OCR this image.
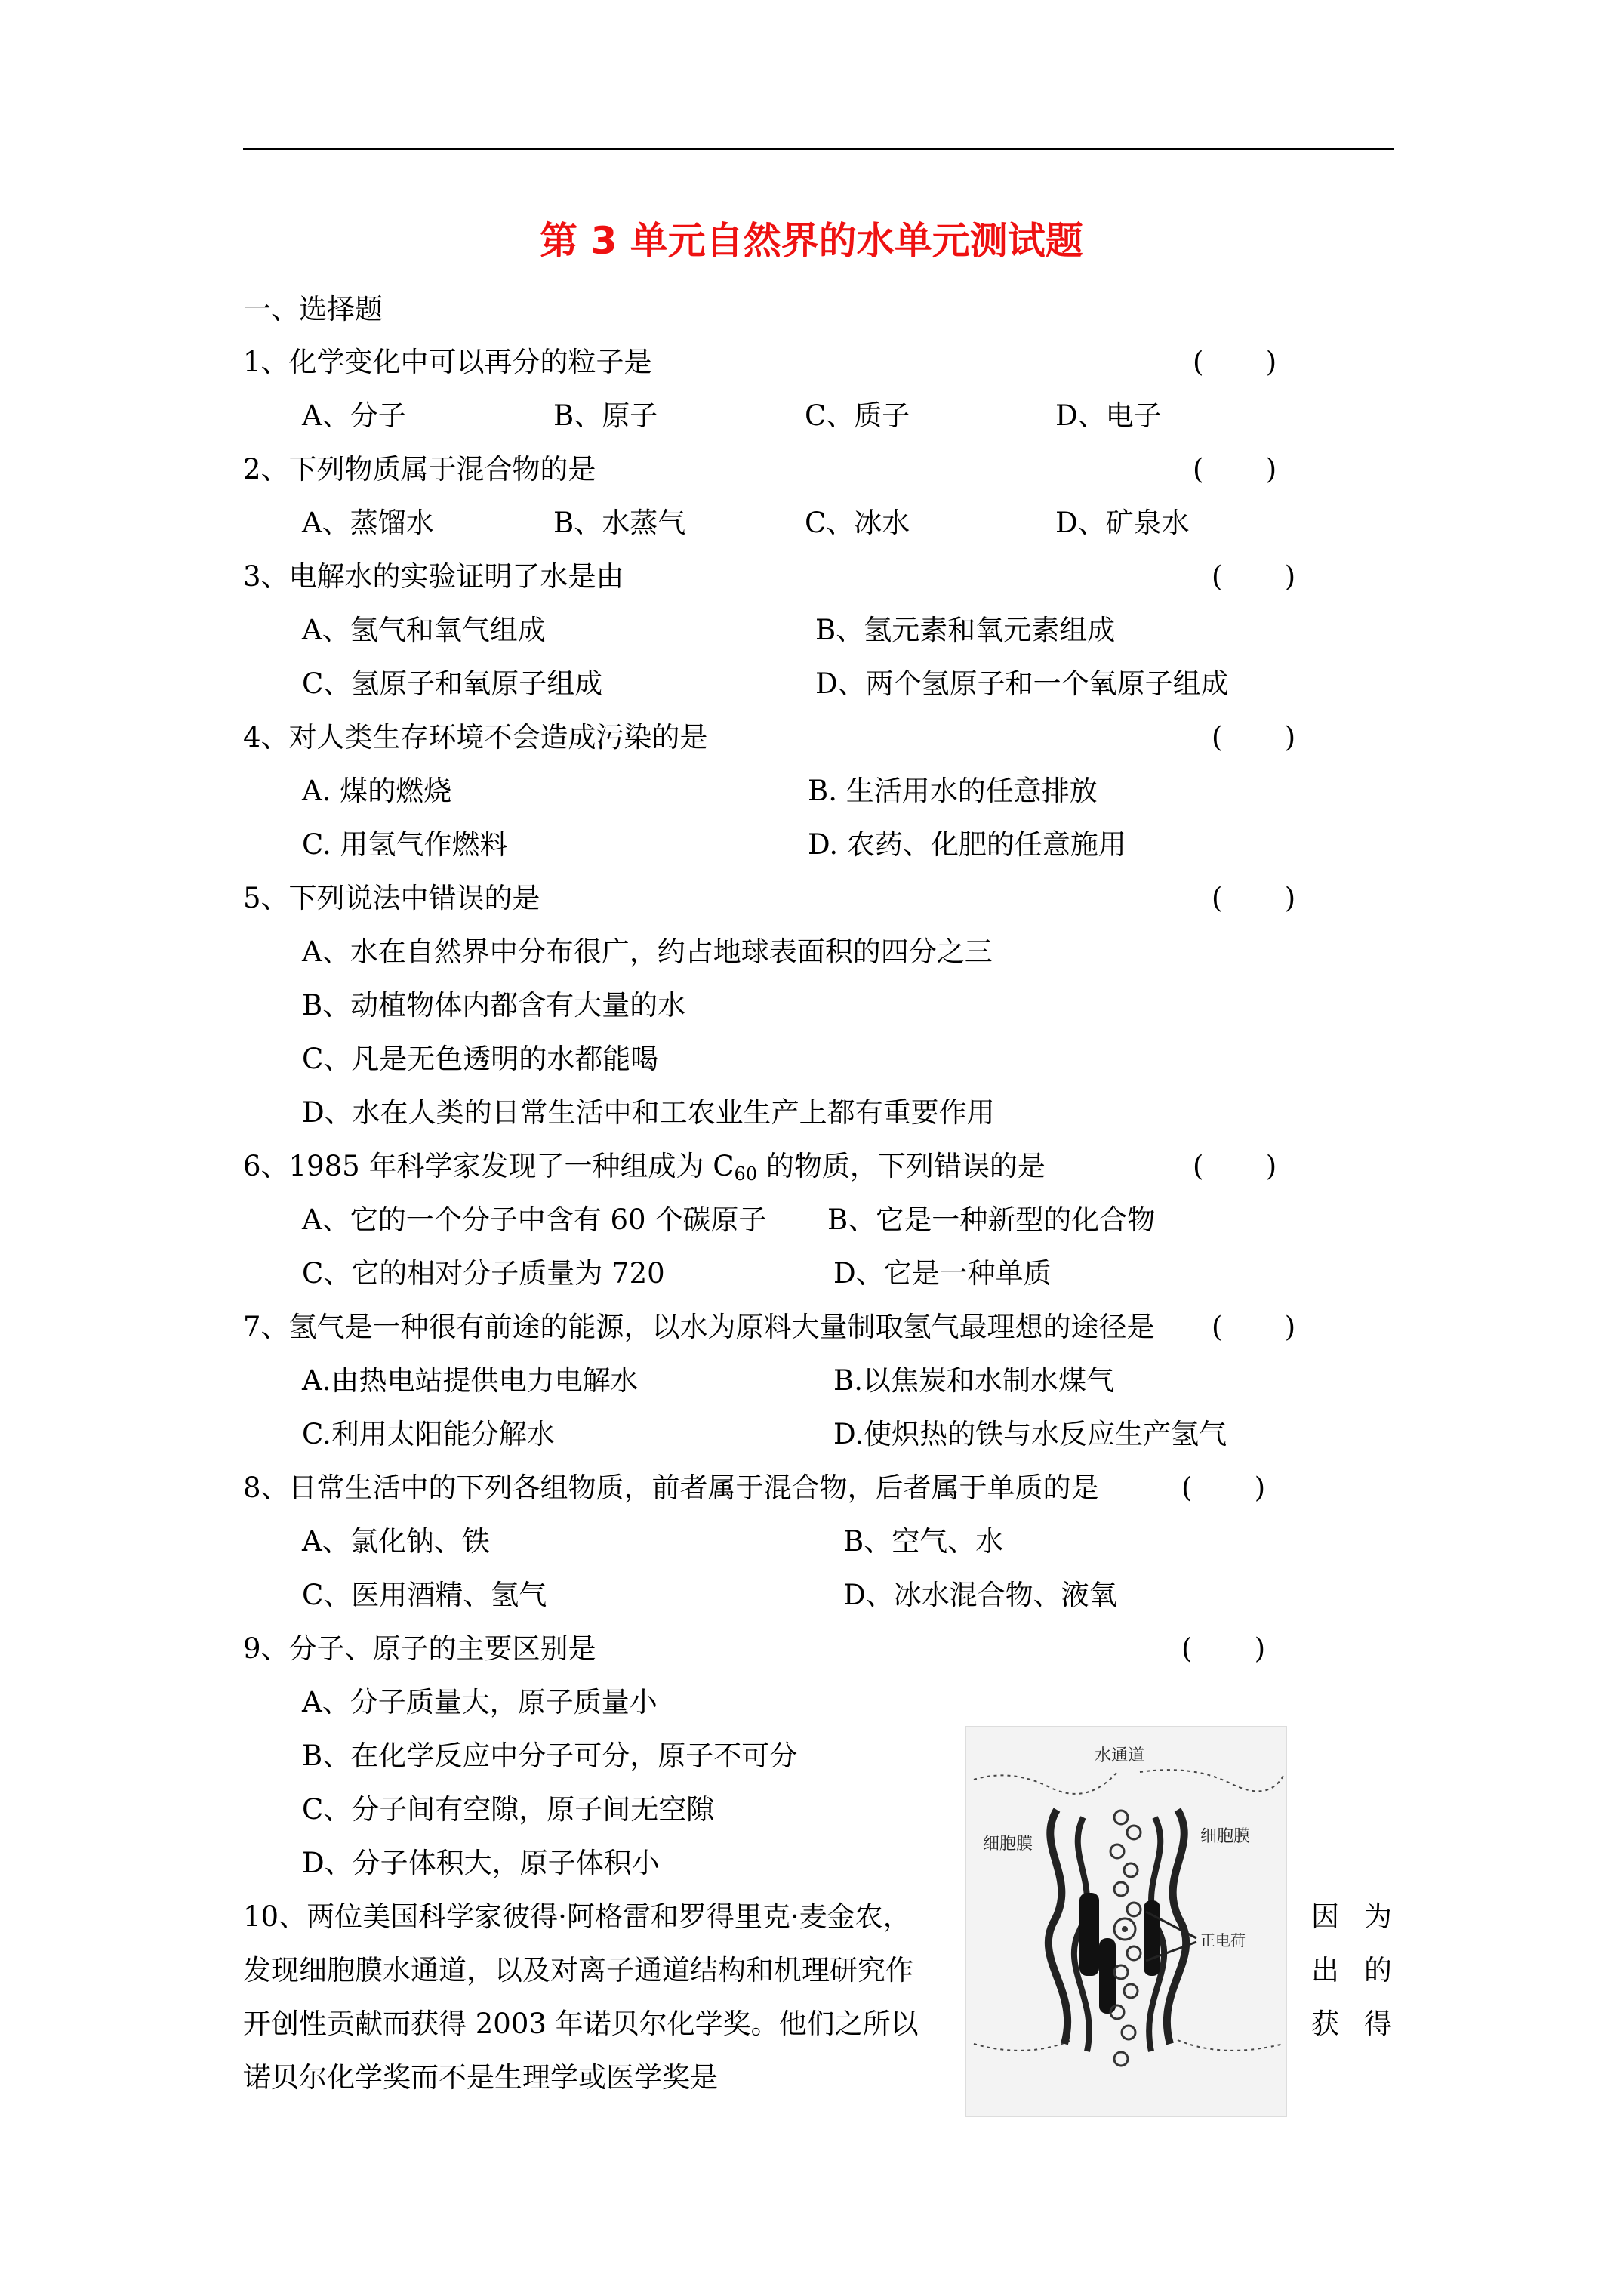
第 3 单元自然界的水单元测试题
一、选择题
1、化学变化中可以再分的粒子是	(       )
A、分子	B、原子	C、质子	D、电子
2、下列物质属于混合物的是	(       )
A、蒸馏水	B、水蒸气	C、冰水	D、矿泉水
3、电解水的实验证明了水是由	(       )
A、氢气和氧气组成	B、氢元素和氧元素组成
C、氢原子和氧原子组成	D、两个氢原子和一个氧原子组成
4、对人类生存环境不会造成污染的是	(       )
A. 煤的燃烧	B. 生活用水的任意排放
C. 用氢气作燃料	D. 农药、化肥的任意施用
5、下列说法中错误的是	(       )
A、水在自然界中分布很广，约占地球表面积的四分之三
B、动植物体内都含有大量的水
C、凡是无色透明的水都能喝
D、水在人类的日常生活中和工农业生产上都有重要作用
6、1985 年科学家发现了一种组成为 $C_{60}$ 的物质，下列错误的是	(       )
A、它的一个分子中含有 60 个碳原子 B、它是一种新型的化合物
C、它的相对分子质量为 720	D、它是一种单质
7、氢气是一种很有前途的能源，以水为原料大量制取氢气最理想的途径是 (       )
A.由热电站提供电力电解水	B.以焦炭和水制水煤气
C.利用太阳能分解水	D.使炽热的铁与水反应生产氢气
8、日常生活中的下列各组物质，前者属于混合物，后者属于单质的是	(       )
A、氯化钠、铁	B、空气、水
C、医用酒精、氢气	D、冰水混合物、液氧
9、分子、原子的主要区别是	(       )
A、分子质量大，原子质量小
B、在化学反应中分子可分，原子不可分
C、分子间有空隙，原子间无空隙
D、分子体积大，原子体积小
10、两位美国科学家彼得·阿格雷和罗得里克·麦金农，	因 为
发现细胞膜水通道，以及对离子通道结构和机理研究作	出 的
开创性贡献而获得 2003 年诺贝尔化学奖。他们之所以	获 得
诺贝尔化学奖而不是生理学或医学奖是
水通道
细胞膜	细胞膜
正电荷
